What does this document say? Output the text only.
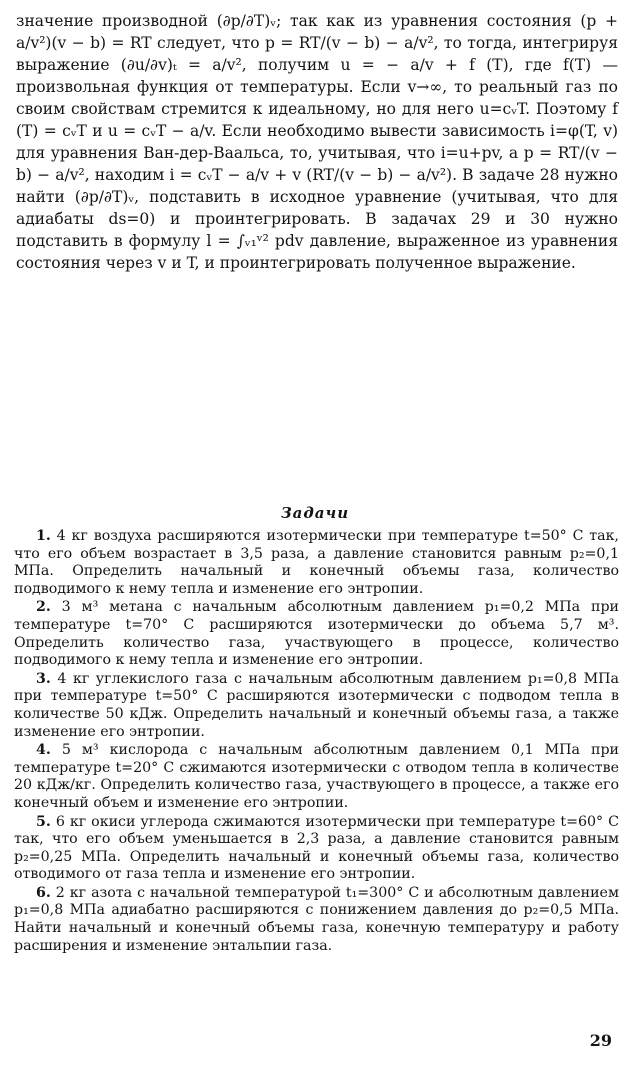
значение производной (∂p/∂T)ᵥ; так как из уравнения состояния (p + a/v²)(v − b) = RT следует, что p = RT/(v − b) − a/v², то тогда, интегрируя выражение (∂u/∂v)ₜ = a/v², получим u = − a/v + f (T), где f(T) — произвольная функция от температуры. Если v→∞, то реальный газ по своим свойствам стремится к идеальному, но для него u=cᵥT. Поэтому f (T) = cᵥT и u = cᵥT − a/v. Если необходимо вывести зависимость i=φ(T, v) для уравнения Ван-дер-Ваальса, то, учитывая, что i=u+pv, а p = RT/(v − b) − a/v², находим i = cᵥT − a/v + v (RT/(v − b) − a/v²). В задаче 28 нужно найти (∂p/∂T)ᵥ, подставить в исходное уравнение (учитывая, что для адиабаты ds=0) и проинтегрировать. В задачах 29 и 30 нужно подставить в формулу l = ∫ᵥ₁ᵛ² pdv давление, выраженное из уравнения состояния через v и T, и проинтегрировать полученное выражение.

Задачи

1. 4 кг воздуха расширяются изотермически при температуре t=50° C так, что его объем возрастает в 3,5 раза, а давление становится равным p₂=0,1 МПа. Определить начальный и конечный объемы газа, количество подводимого к нему тепла и изменение его энтропии.

2. 3 м³ метана с начальным абсолютным давлением p₁=0,2 МПа при температуре t=70° C расширяются изотермически до объема 5,7 м³. Определить количество газа, участвующего в процессе, количество подводимого к нему тепла и изменение его энтропии.

3. 4 кг углекислого газа с начальным абсолютным давлением p₁=0,8 МПа при температуре t=50° C расширяются изотермически с подводом тепла в количестве 50 кДж. Определить начальный и конечный объемы газа, а также изменение его энтропии.

4. 5 м³ кислорода с начальным абсолютным давлением 0,1 МПа при температуре t=20° C сжимаются изотермически с отводом тепла в количестве 20 кДж/кг. Определить количество газа, участвующего в процессе, а также его конечный объем и изменение его энтропии.

5. 6 кг окиси углерода сжимаются изотермически при температуре t=60° C так, что его объем уменьшается в 2,3 раза, а давление становится равным p₂=0,25 МПа. Определить начальный и конечный объемы газа, количество отводимого от газа тепла и изменение его энтропии.

6. 2 кг азота с начальной температурой t₁=300° C и абсолютным давлением p₁=0,8 МПа адиабатно расширяются с понижением давления до p₂=0,5 МПа. Найти начальный и конечный объемы газа, конечную температуру и работу расширения и изменение энтальпии газа.

29
